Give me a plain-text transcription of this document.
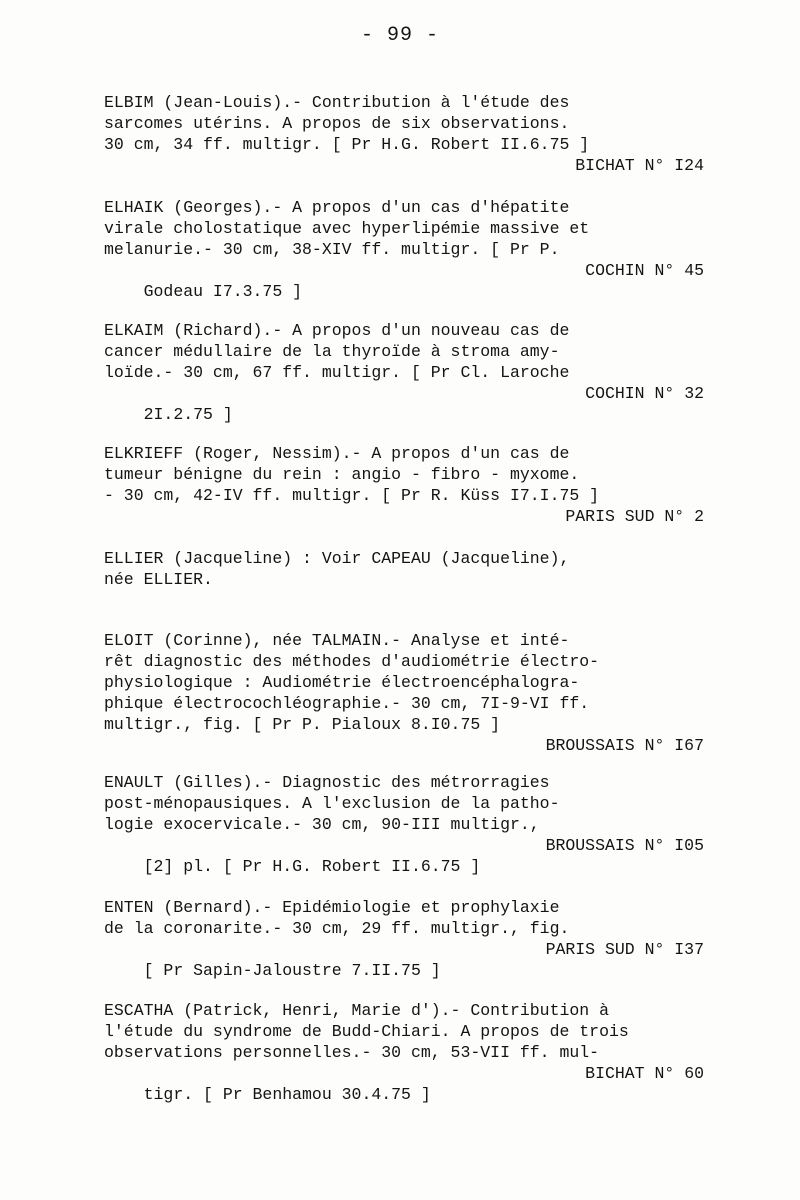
- 99 -
ELBIM (Jean-Louis).- Contribution à l'étude des
sarcomes utérins. A propos de six observations.
30 cm, 34 ff. multigr. [ Pr H.G. Robert II.6.75 ]
BICHAT N° I24
ELHAIK (Georges).- A propos d'un cas d'hépatite
virale cholostatique avec hyperlipémie massive et
melanurie.- 30 cm, 38-XIV ff. multigr. [ Pr P.

Godeau I7.3.75 ]

COCHIN N° 45

ELKAIM (Richard).- A propos d'un nouveau cas de
cancer médullaire de la thyroïde à stroma amy-
loïde.- 30 cm, 67 ff. multigr. [ Pr Cl. Laroche

2I.2.75 ]

COCHIN N° 32

ELKRIEFF (Roger, Nessim).- A propos d'un cas de
tumeur bénigne du rein : angio - fibro - myxome.
- 30 cm, 42-IV ff. multigr. [ Pr R. Küss I7.I.75 ]
PARIS SUD N° 2
ELLIER (Jacqueline) : Voir CAPEAU (Jacqueline),
née ELLIER.
ELOIT (Corinne), née TALMAIN.- Analyse et inté-
rêt diagnostic des méthodes d'audiométrie électro-
physiologique : Audiométrie électroencéphalogra-
phique électrocochléographie.- 30 cm, 7I-9-VI ff.
multigr., fig. [ Pr P. Pialoux 8.I0.75 ]
BROUSSAIS N° I67
ENAULT (Gilles).- Diagnostic des métrorragies
post-ménopausiques. A l'exclusion de la patho-
logie exocervicale.- 30 cm, 90-III multigr.,

[2] pl. [ Pr H.G. Robert II.6.75 ]

BROUSSAIS N° I05

ENTEN (Bernard).- Epidémiologie et prophylaxie
de la coronarite.- 30 cm, 29 ff. multigr., fig.

[ Pr Sapin-Jaloustre 7.II.75 ]

PARIS SUD N° I37

ESCATHA (Patrick, Henri, Marie d').- Contribution à
l'étude du syndrome de Budd-Chiari. A propos de trois
observations personnelles.- 30 cm, 53-VII ff. mul-

tigr. [ Pr Benhamou 30.4.75 ]

BICHAT N° 60
